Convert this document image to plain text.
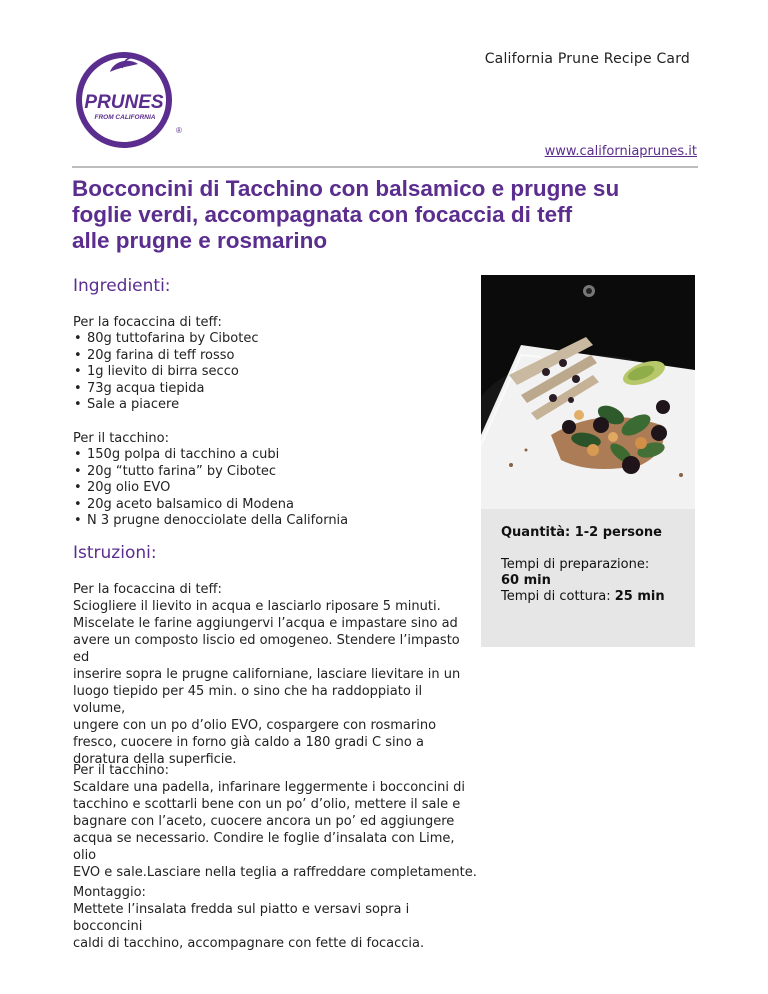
PRUNES
FROM CALIFORNIA
®
California Prune Recipe Card
www.californiaprunes.it
Bocconcini di Tacchino con balsamico e prugne su
foglie verdi, accompagnata con focaccia di teff
alle prugne e rosmarino
Ingredienti:
Per la focaccina di teff:
• 80g tuttofarina by Cibotec
• 20g farina di teff rosso
• 1g lievito di birra secco
• 73g acqua tiepida
• Sale a piacere
Per il tacchino:
• 150g polpa di tacchino a cubi
• 20g “tutto farina” by Cibotec
• 20g olio EVO
• 20g aceto balsamico di Modena
• N 3 prugne denocciolate della California
Istruzioni:
Per la focaccina di teff:
Sciogliere il lievito in acqua e lasciarlo riposare 5 minuti.
Miscelate le farine aggiungervi l’acqua e impastare sino ad
avere un composto liscio ed omogeneo. Stendere l’impasto ed
inserire sopra le prugne californiane, lasciare lievitare in un
luogo tiepido per 45 min. o sino che ha raddoppiato il volume,
ungere con un po d’olio EVO, cospargere con rosmarino
fresco, cuocere in forno già caldo a 180 gradi C sino a
doratura della superficie.
Per il tacchino:
Scaldare una padella, infarinare leggermente i bocconcini di
tacchino e scottarli bene con un po’ d’olio, mettere il sale e
bagnare con l’aceto, cuocere ancora un po’ ed aggiungere
acqua se necessario. Condire le foglie d’insalata con Lime, olio
EVO e sale.Lasciare nella teglia a raffreddare completamente.
Montaggio:
Mettete l’insalata fredda sul piatto e versavi sopra i bocconcini
caldi di tacchino, accompagnare con fette di focaccia.
Quantità: 1-2 persone
Tempi di preparazione:
60 min
Tempi di cottura: 25 min
